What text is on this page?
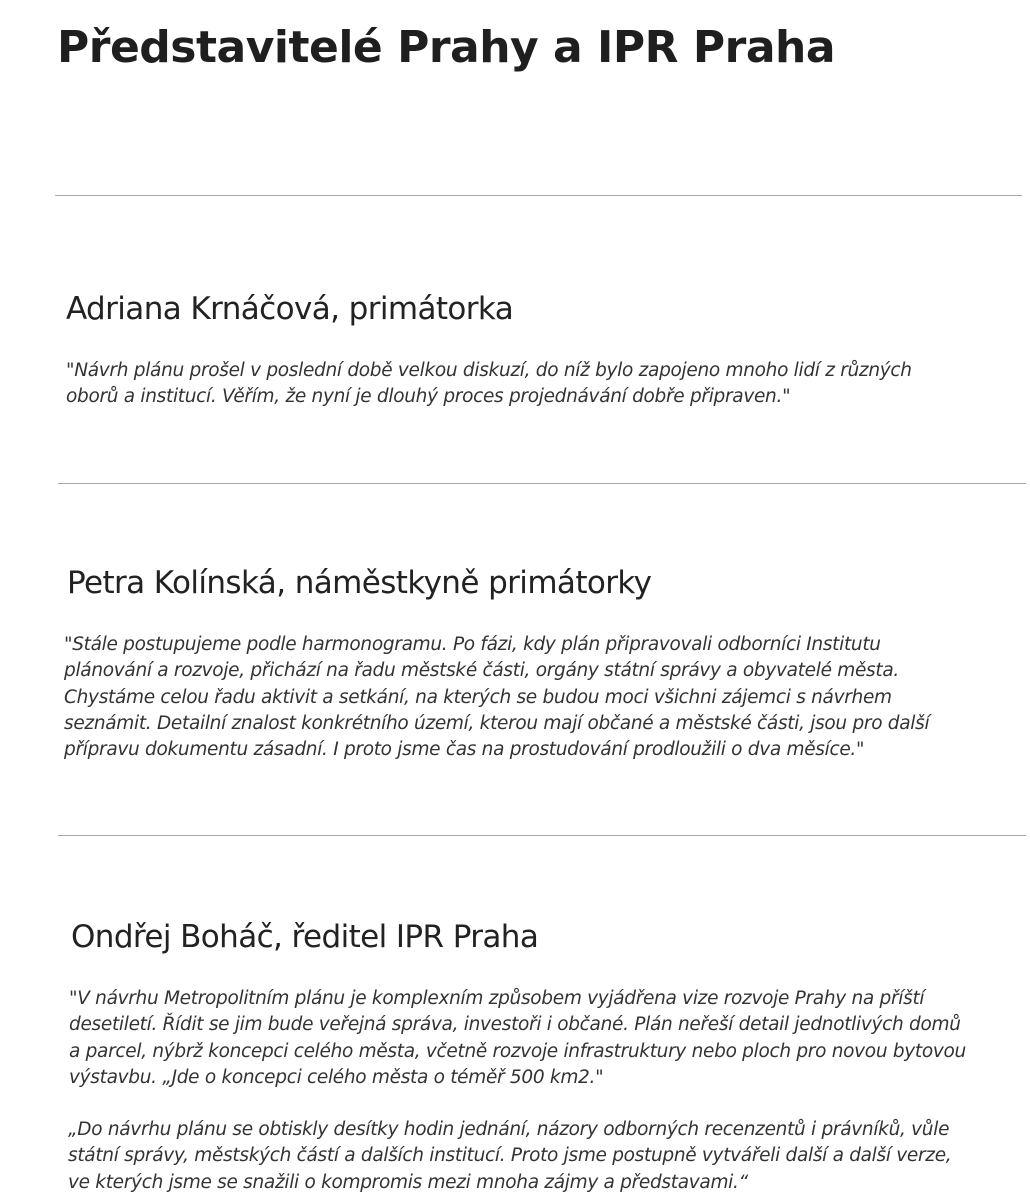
Představitelé Prahy a IPR Praha
Adriana Krnáčová, primátorka

"Návrh plánu prošel v poslední době velkou diskuzí, do níž bylo zapojeno mnoho lidí z různých
oborů a institucí. Věřím, že nyní je dlouhý proces projednávání dobře připraven."

Petra Kolínská, náměstkyně primátorky

"Stále postupujeme podle harmonogramu. Po fázi, kdy plán připravovali odborníci Institutu
plánování a rozvoje, přichází na řadu městské části, orgány státní správy a obyvatelé města.
Chystáme celou řadu aktivit a setkání, na kterých se budou moci všichni zájemci s návrhem
seznámit. Detailní znalost konkrétního území, kterou mají občané a městské části, jsou pro další
přípravu dokumentu zásadní. I proto jsme čas na prostudování prodloužili o dva měsíce."

Ondřej Boháč, ředitel IPR Praha

"V návrhu Metropolitním plánu je komplexním způsobem vyjádřena vize rozvoje Prahy na příští
desetiletí. Řídit se jim bude veřejná správa, investoři i občané. Plán neřeší detail jednotlivých domů
a parcel, nýbrž koncepci celého města, včetně rozvoje infrastruktury nebo ploch pro novou bytovou
výstavbu. „Jde o koncepci celého města o téměř 500 km2."

„Do návrhu plánu se obtiskly desítky hodin jednání, názory odborných recenzentů i právníků, vůle
státní správy, městských částí a dalších institucí. Proto jsme postupně vytvářeli další a další verze,
ve kterých jsme se snažili o kompromis mezi mnoha zájmy a představami.“
